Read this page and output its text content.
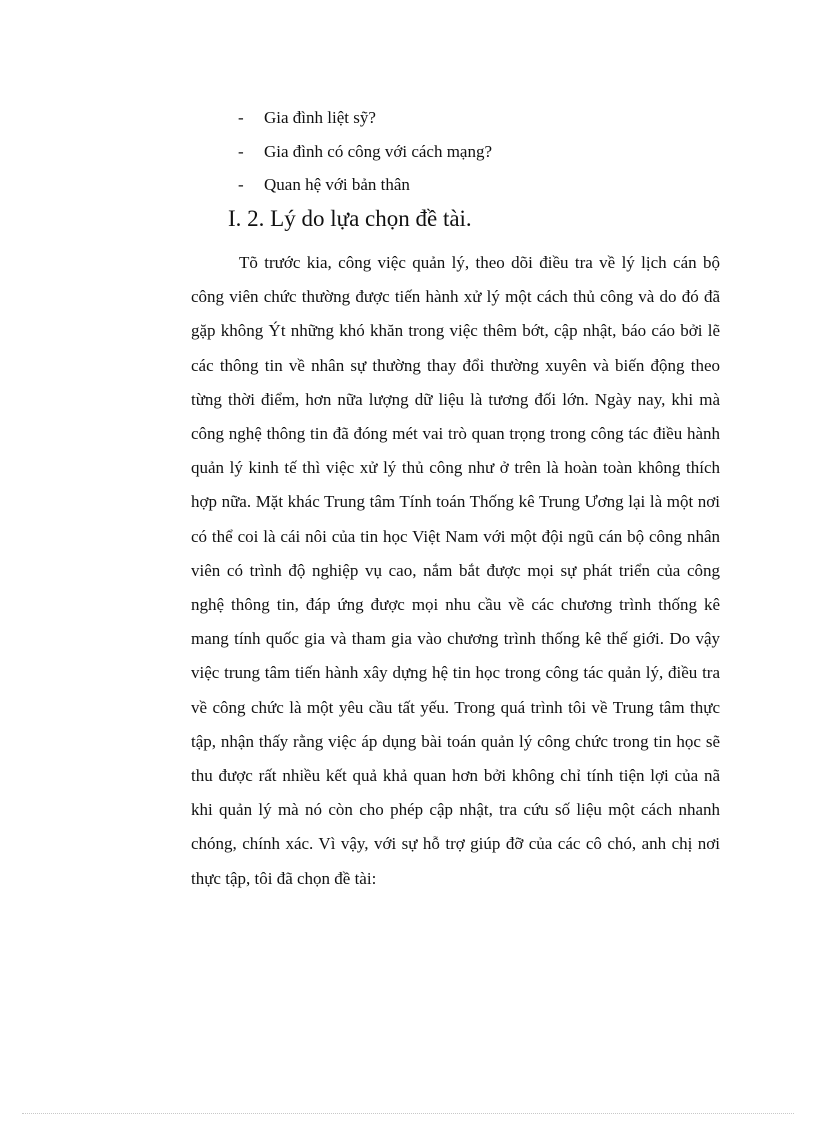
-	Gia đình liệt sỹ?
-	Gia đình có công với cách mạng?
-	Quan hệ với bản thân
I. 2. Lý do lựa chọn đề tài.

Tõ trước kia, công việc quản lý, theo dõi điều tra về lý lịch cán bộ công viên chức thường được tiến hành xử lý một cách thủ công và do đó đã gặp không Ýt những khó khăn trong việc thêm bớt, cập nhật, báo cáo bởi lẽ các thông tin về nhân sự thường thay đổi thường xuyên và biến động theo từng thời điểm, hơn nữa lượng dữ liệu là tương đối lớn. Ngày nay, khi mà công nghệ thông tin đã đóng mét vai trò quan trọng trong công tác điều hành quản lý kinh tế thì việc xử lý thủ công như ở trên là hoàn toàn không thích hợp nữa. Mặt khác Trung tâm Tính toán Thống kê Trung Ương lại là một nơi có thể coi là cái nôi của tin học Việt Nam với một đội ngũ cán bộ công nhân viên có trình độ nghiệp vụ cao, nắm bắt được mọi sự phát triển của công nghệ thông tin, đáp ứng được mọi nhu cầu về các chương trình thống kê mang tính quốc gia và tham gia vào chương trình thống kê thế giới. Do vậy việc trung tâm tiến hành xây dựng hệ tin học trong công tác quản lý, điều tra về công chức là một yêu cầu tất yếu. Trong quá trình tôi về Trung tâm thực tập, nhận thấy rằng việc áp dụng bài toán quản lý công chức trong tin học sẽ thu được rất nhiều kết quả khả quan hơn bởi không chỉ tính tiện lợi của nã khi quản lý mà nó còn cho phép cập nhật, tra cứu số liệu một cách nhanh chóng, chính xác. Vì vậy, với sự hỗ trợ giúp đỡ của các cô chó, anh chị nơi thực tập, tôi đã chọn đề tài:
